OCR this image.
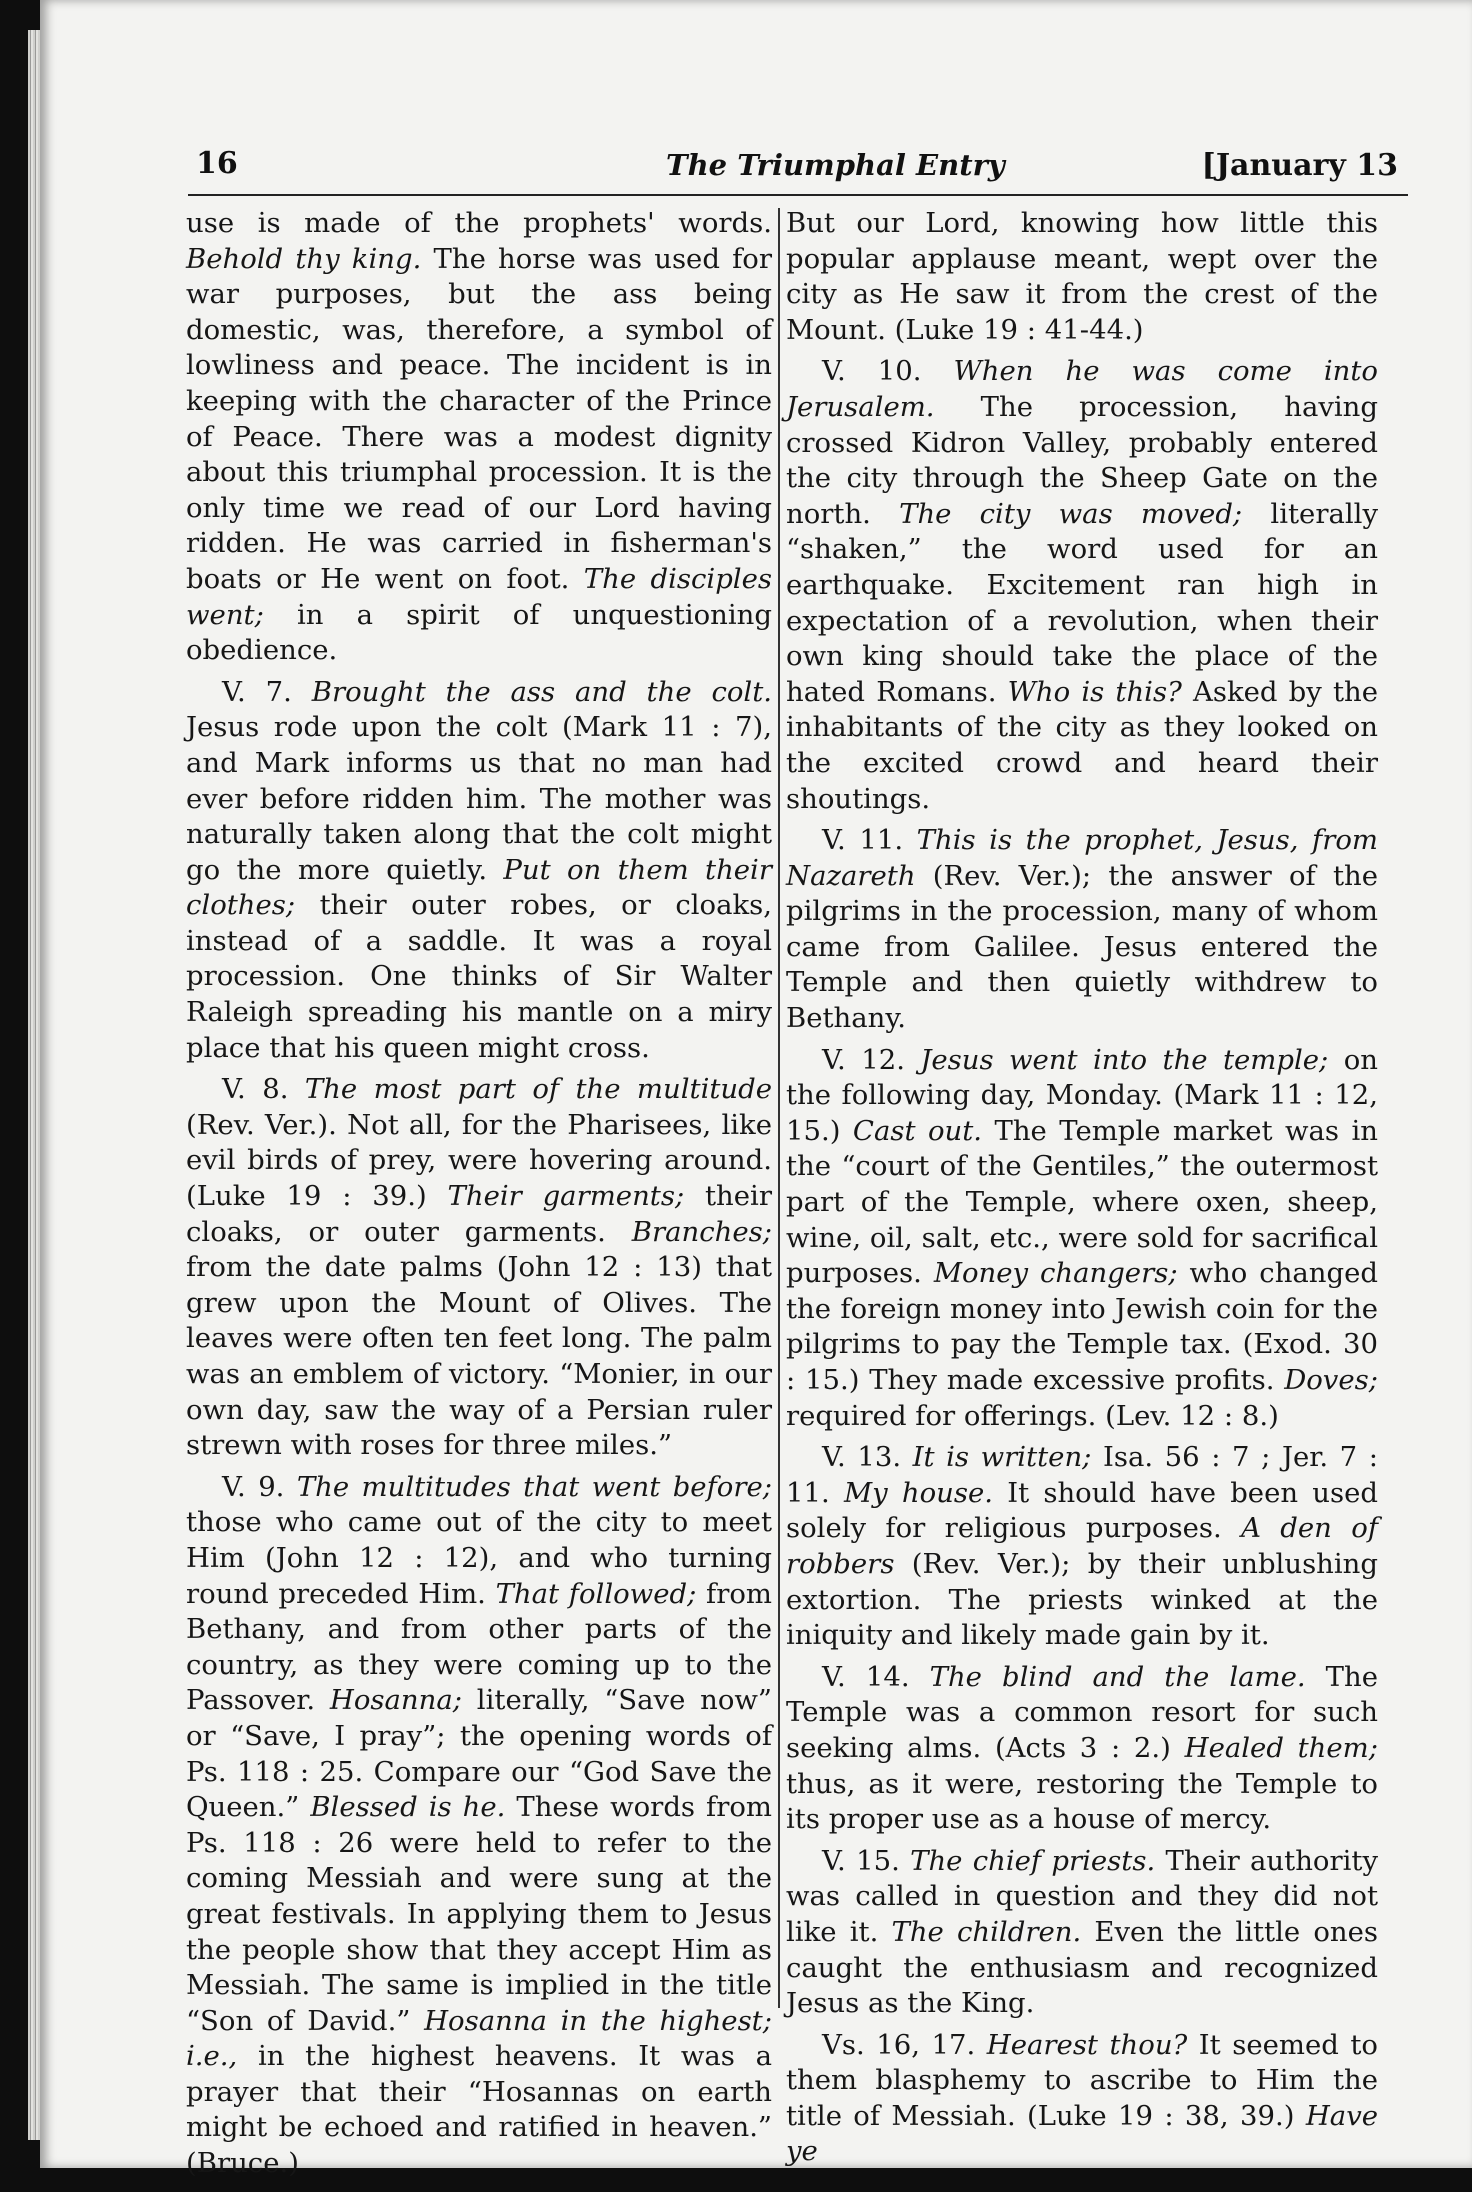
16	The Triumphal Entry	[January 13

use is made of the prophets' words. Behold thy king. The horse was used for war purposes, but the ass being domestic, was, therefore, a symbol of lowliness and peace. The incident is in keeping with the character of the Prince of Peace. There was a modest dignity about this triumphal procession. It is the only time we read of our Lord having ridden. He was carried in fisherman's boats or He went on foot. The disciples went; in a spirit of unquestioning obedience.

V. 7. Brought the ass and the colt. Jesus rode upon the colt (Mark 11 : 7), and Mark informs us that no man had ever before ridden him. The mother was naturally taken along that the colt might go the more quietly. Put on them their clothes; their outer robes, or cloaks, instead of a saddle. It was a royal procession. One thinks of Sir Walter Raleigh spreading his mantle on a miry place that his queen might cross.

V. 8. The most part of the multitude (Rev. Ver.). Not all, for the Pharisees, like evil birds of prey, were hovering around. (Luke 19 : 39.) Their garments; their cloaks, or outer garments. Branches; from the date palms (John 12 : 13) that grew upon the Mount of Olives. The leaves were often ten feet long. The palm was an emblem of victory. “Monier, in our own day, saw the way of a Persian ruler strewn with roses for three miles.”

V. 9. The multitudes that went before; those who came out of the city to meet Him (John 12 : 12), and who turning round preceded Him. That followed; from Bethany, and from other parts of the country, as they were coming up to the Passover. Hosanna; literally, “Save now” or “Save, I pray”; the opening words of Ps. 118 : 25. Compare our “God Save the Queen.” Blessed is he. These words from Ps. 118 : 26 were held to refer to the coming Messiah and were sung at the great festivals. In applying them to Jesus the people show that they accept Him as Messiah. The same is implied in the title “Son of David.” Hosanna in the highest; i.e., in the highest heavens. It was a prayer that their “Hosannas on earth might be echoed and ratified in heaven.” (Bruce.)

But our Lord, knowing how little this popular applause meant, wept over the city as He saw it from the crest of the Mount. (Luke 19 : 41-44.)

V. 10. When he was come into Jerusalem. The procession, having crossed Kidron Valley, probably entered the city through the Sheep Gate on the north. The city was moved; literally “shaken,” the word used for an earthquake. Excitement ran high in expectation of a revolution, when their own king should take the place of the hated Romans. Who is this? Asked by the inhabitants of the city as they looked on the excited crowd and heard their shoutings.

V. 11. This is the prophet, Jesus, from Nazareth (Rev. Ver.); the answer of the pilgrims in the procession, many of whom came from Galilee. Jesus entered the Temple and then quietly withdrew to Bethany.

V. 12. Jesus went into the temple; on the following day, Monday. (Mark 11 : 12, 15.) Cast out. The Temple market was in the “court of the Gentiles,” the outermost part of the Temple, where oxen, sheep, wine, oil, salt, etc., were sold for sacrifical purposes. Money changers; who changed the foreign money into Jewish coin for the pilgrims to pay the Temple tax. (Exod. 30 : 15.) They made excessive profits. Doves; required for offerings. (Lev. 12 : 8.)

V. 13. It is written; Isa. 56 : 7 ; Jer. 7 : 11. My house. It should have been used solely for religious purposes. A den of robbers (Rev. Ver.); by their unblushing extortion. The priests winked at the iniquity and likely made gain by it.

V. 14. The blind and the lame. The Temple was a common resort for such seeking alms. (Acts 3 : 2.) Healed them; thus, as it were, restoring the Temple to its proper use as a house of mercy.

V. 15. The chief priests. Their authority was called in question and they did not like it. The children. Even the little ones caught the enthusiasm and recognized Jesus as the King.

Vs. 16, 17. Hearest thou? It seemed to them blasphemy to ascribe to Him the title of Messiah. (Luke 19 : 38, 39.) Have ye
